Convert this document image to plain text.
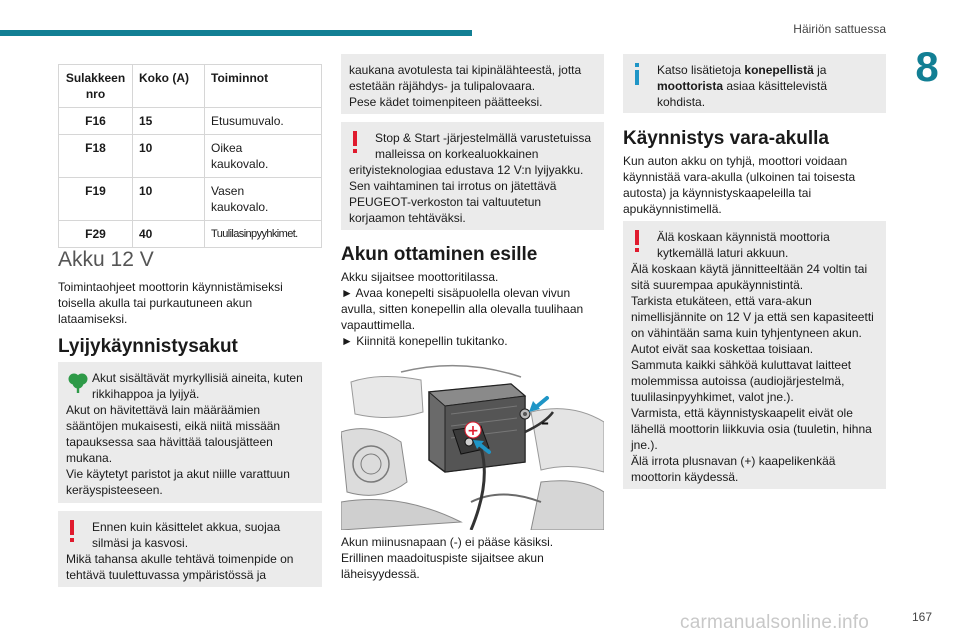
Häiriön sattuessa
8
Sulakkeen nro	Koko (A)	Toiminnot
F16	15	Etusumuvalo.
F18	10	Oikea kaukovalo.
F19	10	Vasen kaukovalo.
F29	40	Tuulilasinpyyhkimet.
Akku 12 V
Toimintaohjeet moottorin käynnistämiseksi toisella akulla tai purkautuneen akun lataamiseksi.
Lyijykäynnistysakut
Akut sisältävät myrkyllisiä aineita, kuten rikkihappoa ja lyijyä.
Akut on hävitettävä lain määräämien sääntöjen mukaisesti, eikä niitä missään tapauksessa saa hävittää talousjätteen mukana.
Vie käytetyt paristot ja akut niille varattuun keräyspisteeseen.
Ennen kuin käsittelet akkua, suojaa silmäsi ja kasvosi.
Mikä tahansa akulle tehtävä toimenpide on tehtävä tuulettuvassa ympäristössä ja
kaukana avotulesta tai kipinälähteestä, jotta estetään räjähdys- ja tulipalovaara.
Pese kädet toimenpiteen päätteeksi.
Stop & Start -järjestelmällä varustetuissa malleissa on korkealuokkainen
erityisteknologiaa edustava 12 V:n lyijyakku.
Sen vaihtaminen tai irrotus on jätettävä PEUGEOT-verkoston tai valtuutetun korjaamon tehtäväksi.
Akun ottaminen esille
Akku sijaitsee moottoritilassa.
► Avaa konepelti sisäpuolella olevan vivun avulla, sitten konepellin alla olevalla tuulihaan vapauttimella.
► Kiinnitä konepellin tukitanko.
+	–
Akun miinusnapaan (-) ei pääse käsiksi.
Erillinen maadoituspiste sijaitsee akun läheisyydessä.
Katso lisätietoja konepellistä ja moottorista asiaa käsittelevistä kohdista.
Käynnistys vara-akulla
Kun auton akku on tyhjä, moottori voidaan käynnistää vara-akulla (ulkoinen tai toisesta autosta) ja käynnistyskaapeleilla tai apukäynnistimellä.
Älä koskaan käynnistä moottoria kytkemällä laturi akkuun.
Älä koskaan käytä jännitteeltään 24 voltin tai sitä suurempaa apukäynnistintä.
Tarkista etukäteen, että vara-akun nimellisjännite on 12 V ja että sen kapasiteetti on vähintään sama kuin tyhjentyneen akun.
Autot eivät saa koskettaa toisiaan.
Sammuta kaikki sähköä kuluttavat laitteet molemmissa autoissa (audiojärjestelmä, tuulilasinpyyhkimet, valot jne.).
Varmista, että käynnistyskaapelit eivät ole lähellä moottorin liikkuvia osia (tuuletin, hihna jne.).
Älä irrota plusnavan (+) kaapelikenkää moottorin käydessä.
carmanualsonline.info	167
